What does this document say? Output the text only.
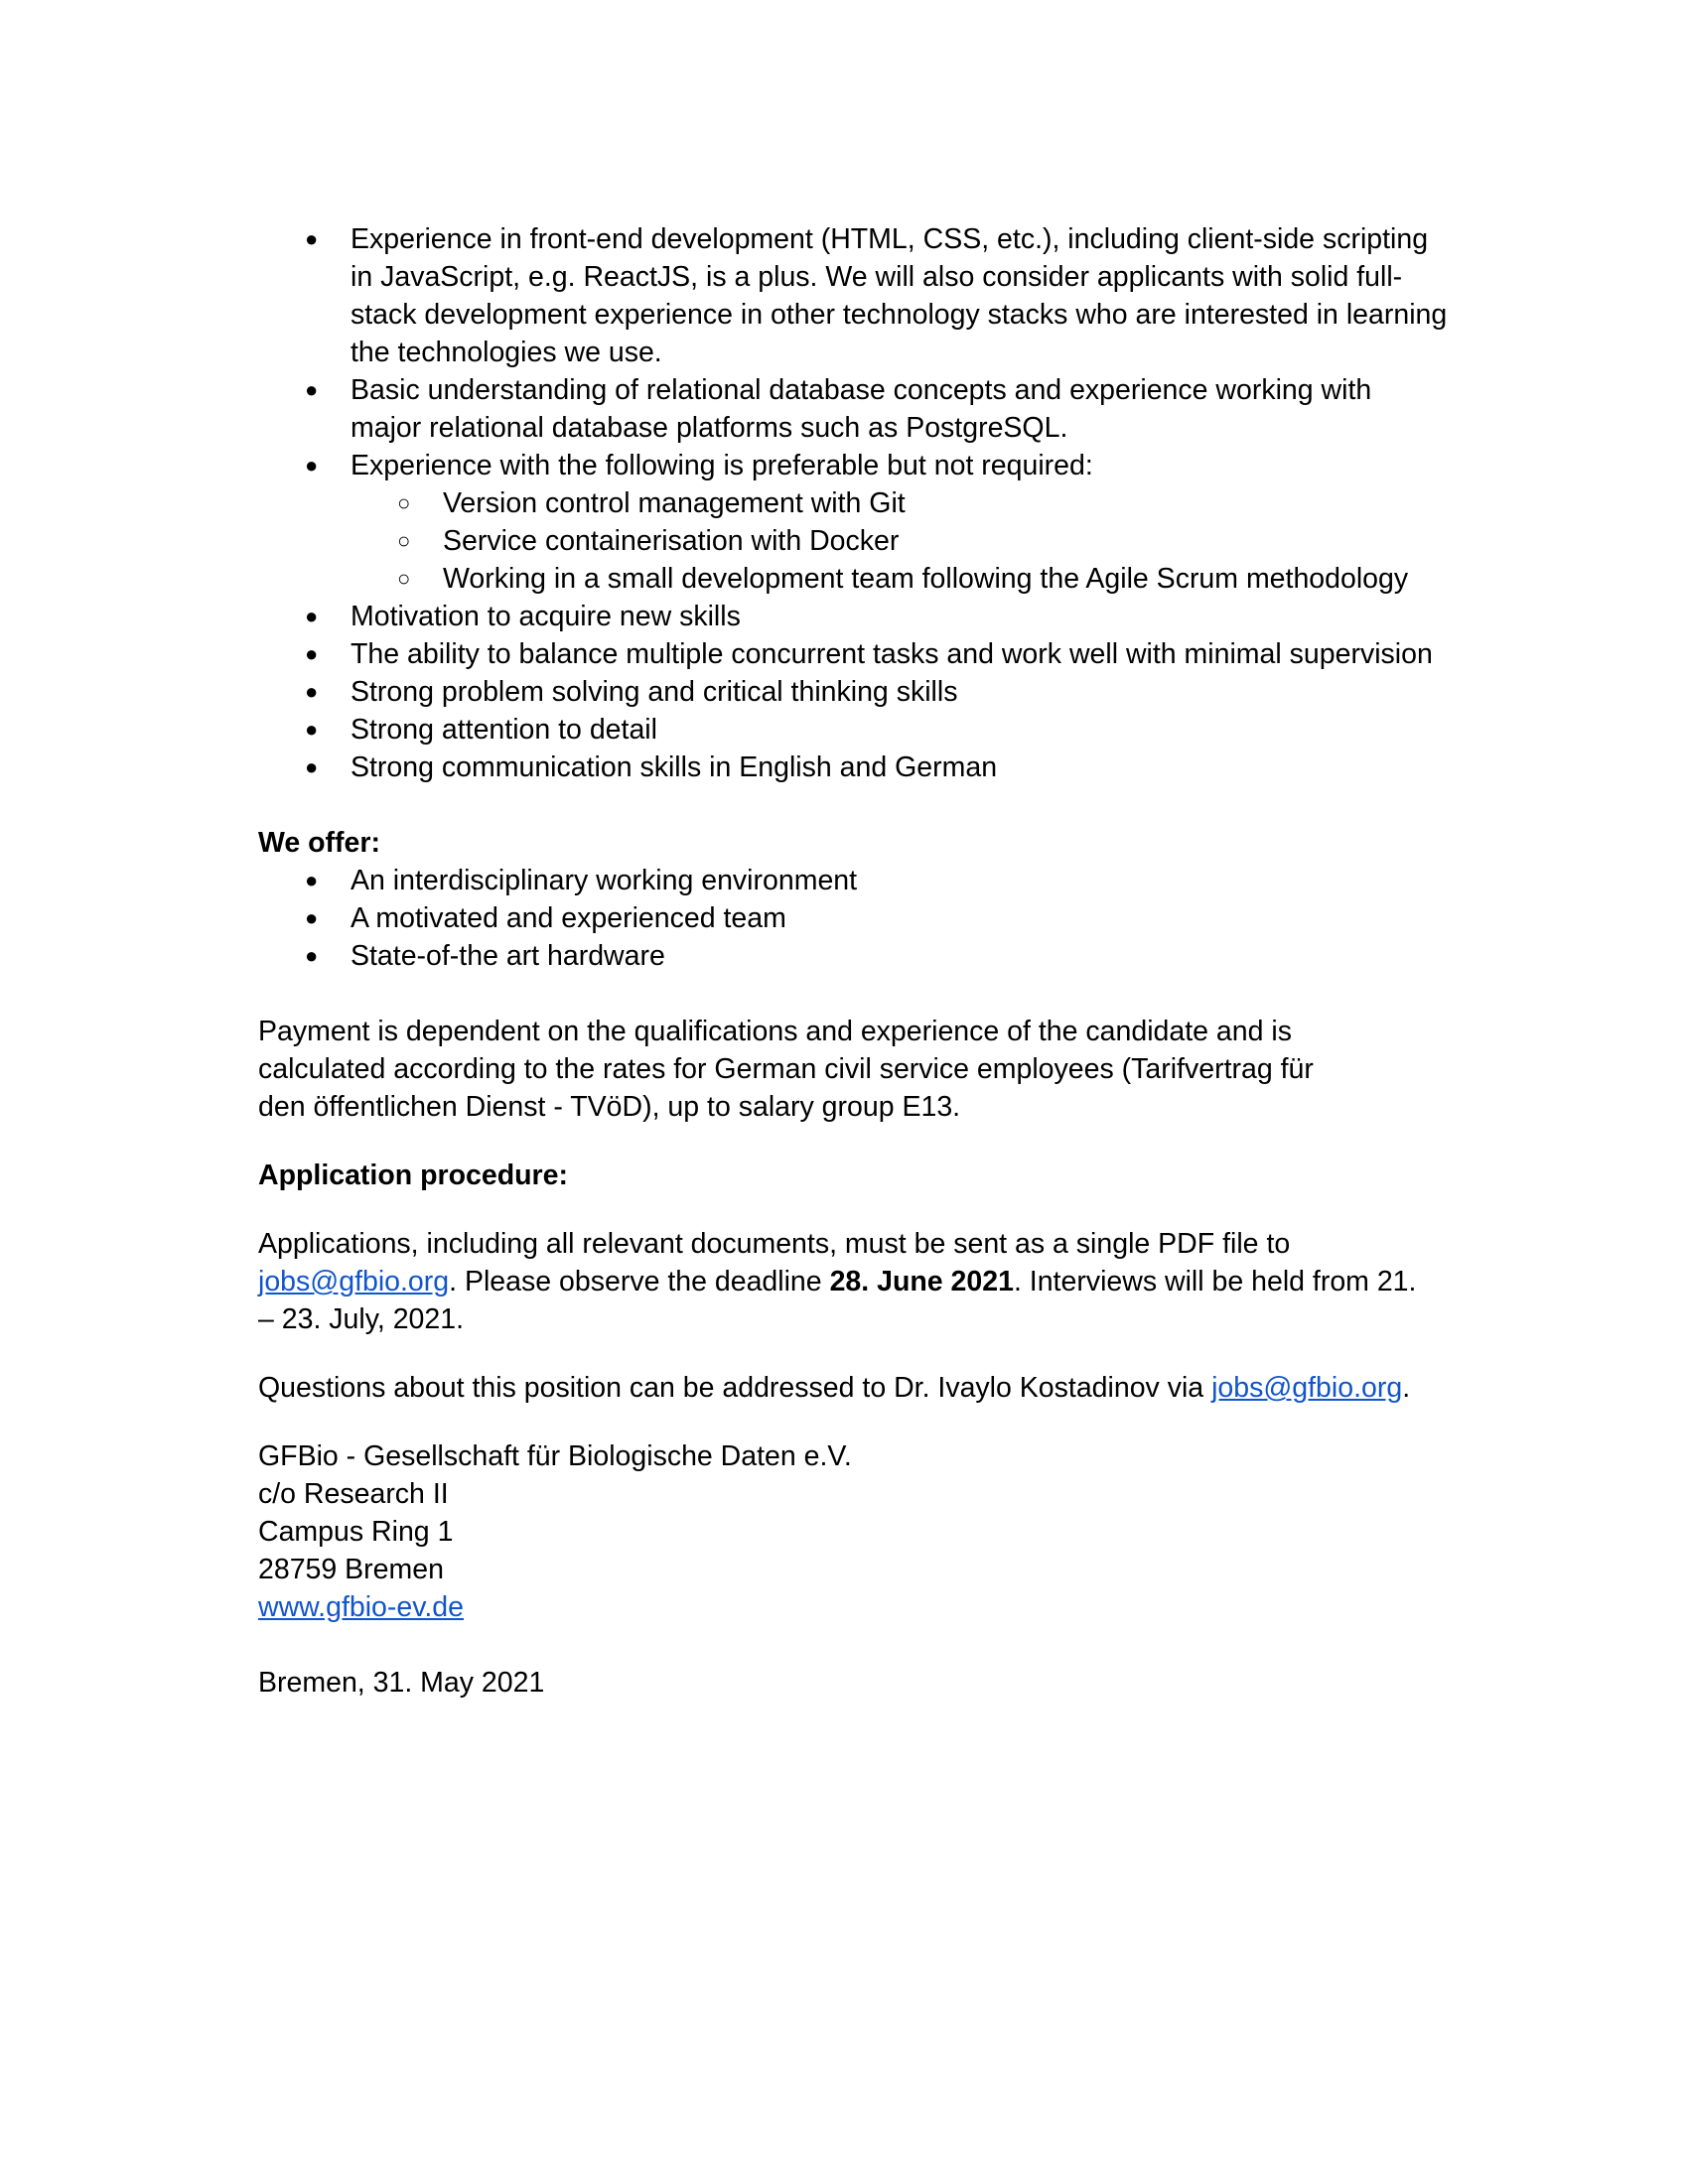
●	Experience in front-end development (HTML, CSS, etc.), including client-side scripting in JavaScript, e.g. ReactJS, is a plus. We will also consider applicants with solid full-stack development experience in other technology stacks who are interested in learning the technologies we use.
●	Basic understanding of relational database concepts and experience working with major relational database platforms such as PostgreSQL.
●	Experience with the following is preferable but not required:
○ Version control management with Git
○ Service containerisation with Docker
○ Working in a small development team following the Agile Scrum methodology
●	Motivation to acquire new skills
●	The ability to balance multiple concurrent tasks and work well with minimal supervision
●	Strong problem solving and critical thinking skills
●	Strong attention to detail
●	Strong communication skills in English and German

We offer:

●	An interdisciplinary working environment
●	A motivated and experienced team
●	State-of-the art hardware

Payment is dependent on the qualifications and experience of the candidate and is

calculated according to the rates for German civil service employees (Tarifvertrag für

den öffentlichen Dienst - TVöD), up to salary group E13.

Application procedure:

Applications, including all relevant documents, must be sent as a single PDF file to

jobs@gfbio.org. Please observe the deadline 28. June 2021. Interviews will be held from 21.

– 23. July, 2021.

Questions about this position can be addressed to Dr. Ivaylo Kostadinov via jobs@gfbio.org.

GFBio - Gesellschaft für Biologische Daten e.V.

c/o Research II

Campus Ring 1

28759 Bremen

www.gfbio-ev.de

Bremen, 31. May 2021
